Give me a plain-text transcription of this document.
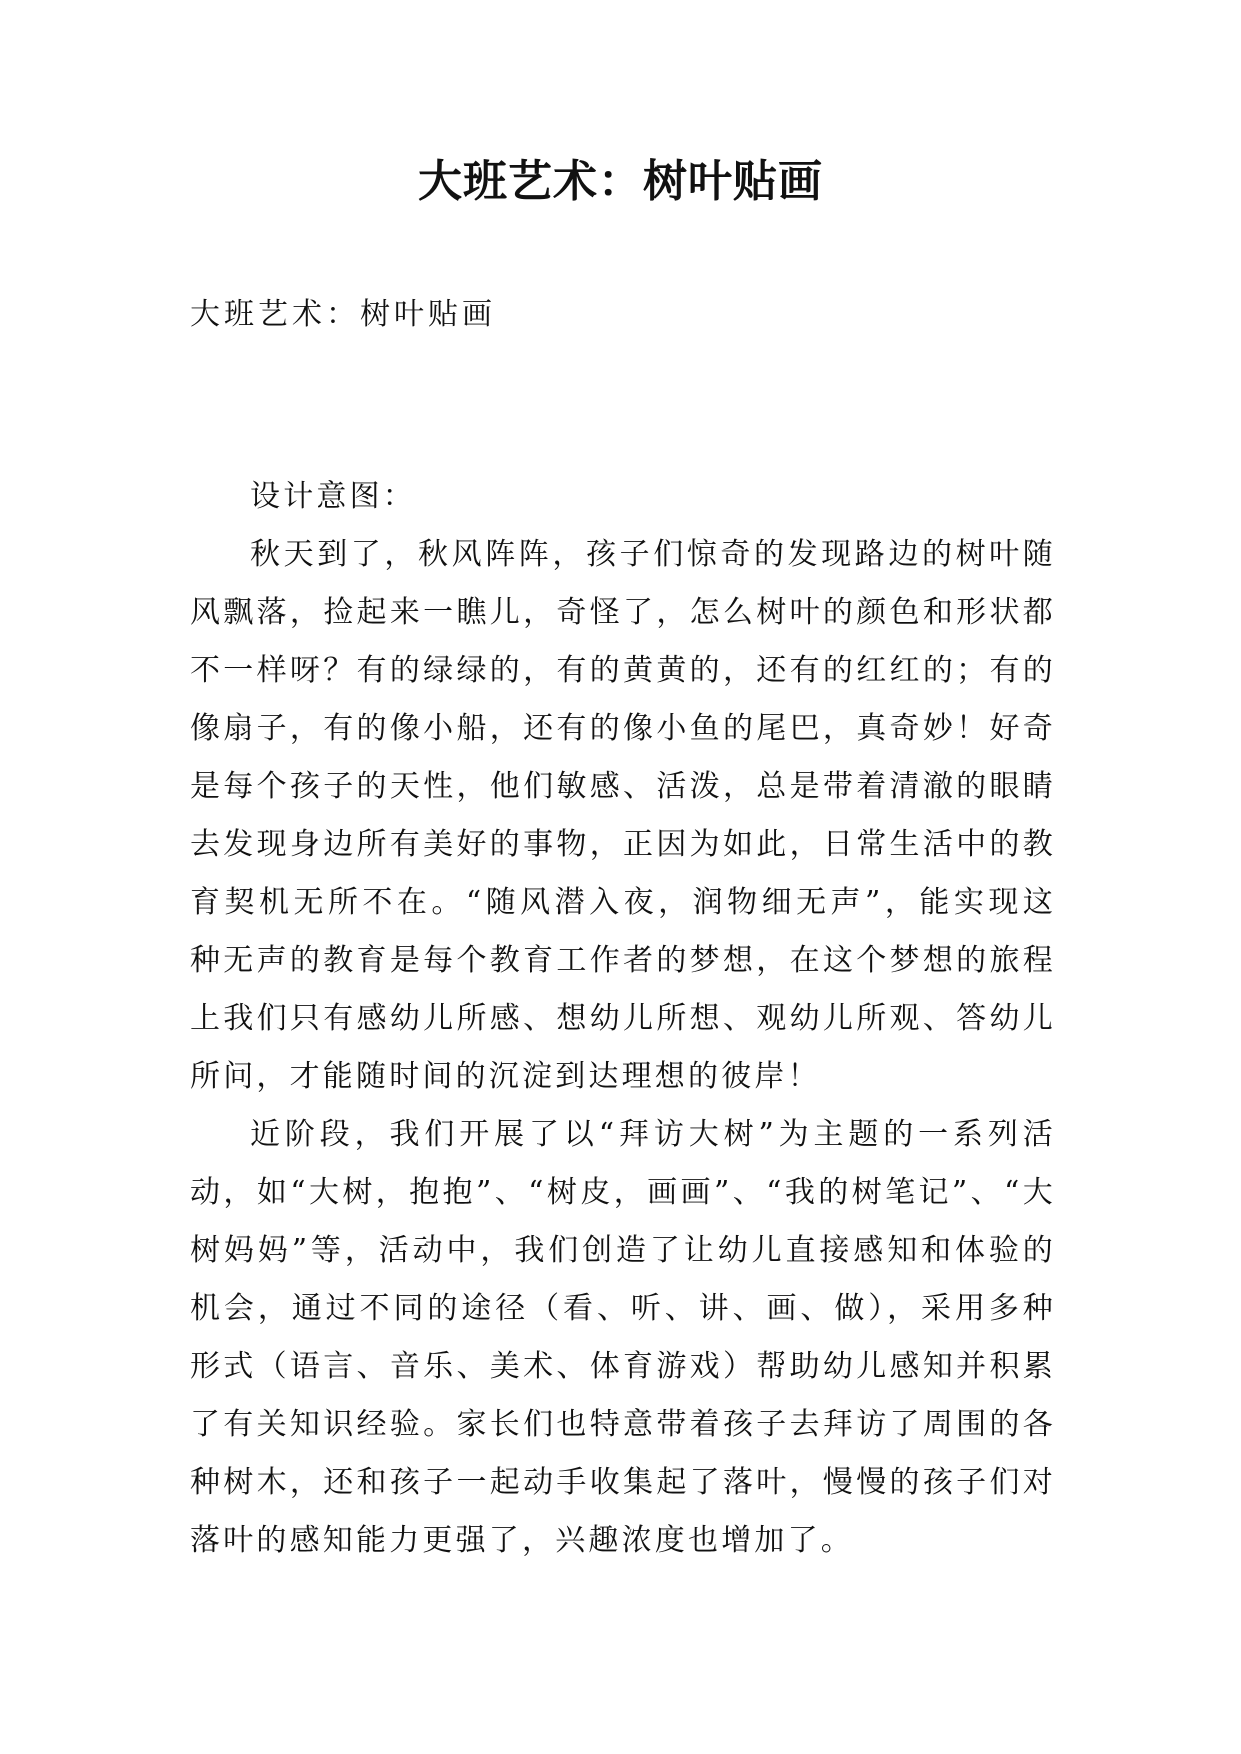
大班艺术：树叶贴画
大班艺术：树叶贴画

设计意图：

秋天到了，秋风阵阵，孩子们惊奇的发现路边的树叶随风飘落，捡起来一瞧儿，奇怪了，怎么树叶的颜色和形状都不一样呀？有的绿绿的，有的黄黄的，还有的红红的；有的像扇子，有的像小船，还有的像小鱼的尾巴，真奇妙！好奇是每个孩子的天性，他们敏感、活泼，总是带着清澈的眼睛去发现身边所有美好的事物，正因为如此，日常生活中的教育契机无所不在。“随风潜入夜，润物细无声”，能实现这种无声的教育是每个教育工作者的梦想，在这个梦想的旅程上我们只有感幼儿所感、想幼儿所想、观幼儿所观、答幼儿所问，才能随时间的沉淀到达理想的彼岸！

近阶段，我们开展了以“拜访大树”为主题的一系列活动，如“大树，抱抱”、“树皮，画画”、“我的树笔记”、“大树妈妈”等，活动中，我们创造了让幼儿直接感知和体验的机会，通过不同的途径（看、听、讲、画、做），采用多种形式（语言、音乐、美术、体育游戏）帮助幼儿感知并积累了有关知识经验。家长们也特意带着孩子去拜访了周围的各种树木，还和孩子一起动手收集起了落叶，慢慢的孩子们对落叶的感知能力更强了，兴趣浓度也增加了。
